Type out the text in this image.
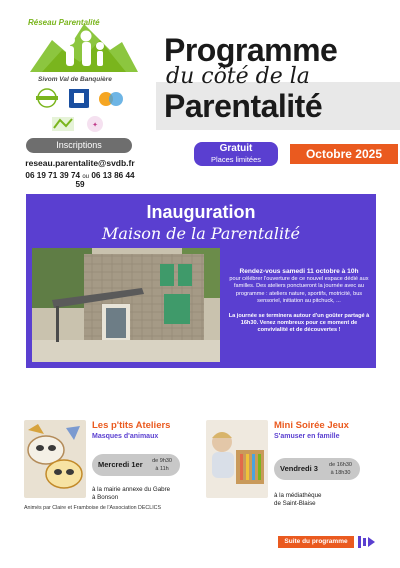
Réseau Parentalité
Sivom Val de Banquière
✦
Inscriptions
reseau.parentalite@svdb.fr
06 19 71 39 74 ou 06 13 86 44 59
Programme
du côté de la
Parentalité
Gratuit
Places limitées	Octobre 2025
Inauguration
Maison de la Parentalité
Rendez-vous samedi 11 octobre à 10h
pour célébrer l'ouverture de ce nouvel espace dédié aux familles. Des ateliers ponctueront la journée avec au programme : ateliers nature, sportifs, motricité, bus sensoriel, initiation au pitchuck, ...
La journée se terminera autour d'un goûter partagé à 16h30. Venez nombreux pour ce moment de convivialité et de découvertes !
Les p'tits Ateliers
Masques d'animaux
Mercredi 1er de 9h30
à 11h
à la mairie annexe du Gabre
à Bonson
Mini Soirée Jeux
S'amuser en famille
Vendredi 3 de 16h30
à 18h30
à la médiathèque
de Saint-Blaise
Animés par Claire et Framboise de l'Association DECLICS
Suite du programme
